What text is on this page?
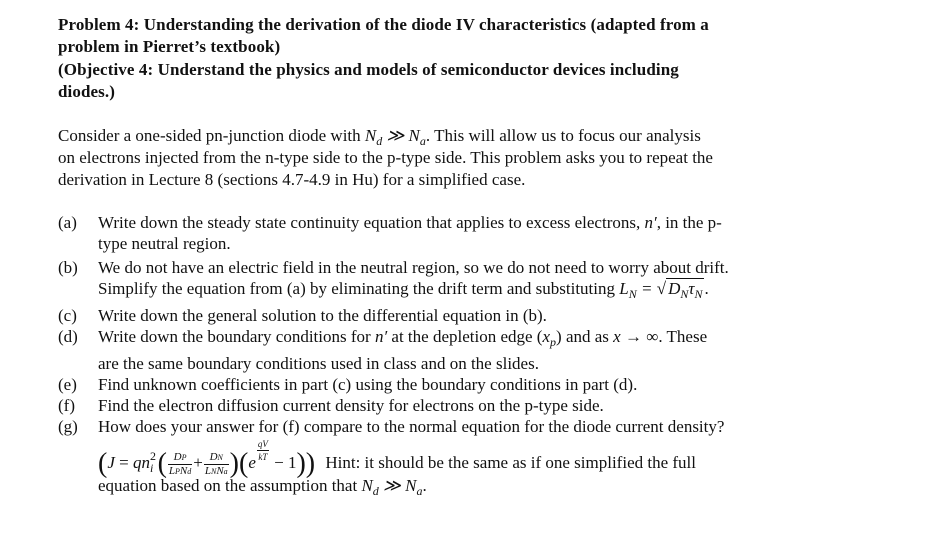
Problem 4: Understanding the derivation of the diode IV characteristics (adapted from a
problem in Pierret’s textbook)
(Objective 4: Understand the physics and models of semiconductor devices including
diodes.)
Consider a one-sided pn-junction diode with $N_d$ ≫ $N_a$. This will allow us to focus our analysis
on electrons injected from the n-type side to the p-type side. This problem asks you to repeat the
derivation in Lecture 8 (sections 4.7-4.9 in Hu) for a simplified case.
(a) Write down the steady state continuity equation that applies to excess electrons, n′, in the p-
type neutral region.
(b) We do not have an electric field in the neutral region, so we do not need to worry about drift.
Simplify the equation from (a) by eliminating the drift term and substituting $L_N$ = √ $D_N\tau_N$ .
(c) Write down the general solution to the differential equation in (b).
(d) Write down the boundary conditions for n′ at the depletion edge $(x_p)$ and as x → ∞. These
are the same boundary conditions used in class and on the slides.
(e) Find unknown coefficients in part (c) using the boundary conditions in part (d).
(f) Find the electron diffusion current density for electrons on the p-type side.
(g) How does your answer for (f) compare to the normal equation for the diode current density?
($J = qn^2_i$ ( $\frac{DP}{\text{LPNd}} + \frac{DN}{\text{LNNa}} )(e \frac{qV}{kT} - 1)$) Hint: it should be the same as if one simplified the full
equation based on the assumption that $N_d$ ≫ $N_a$.
